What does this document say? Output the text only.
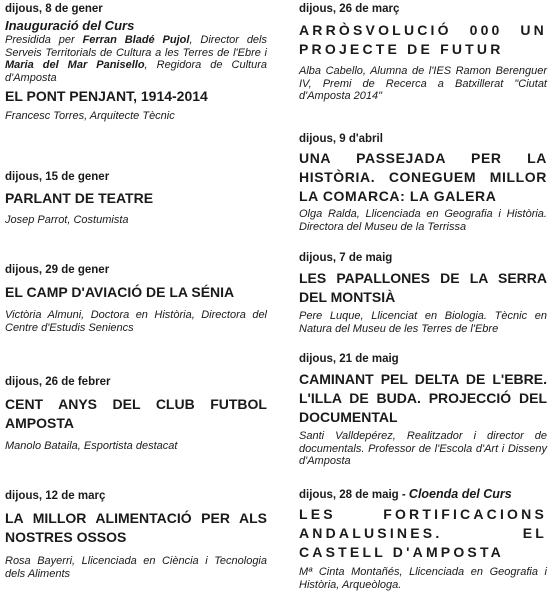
dijous, 8 de gener

Inauguració del Curs

Presidida per Ferran Bladé Pujol, Director dels Serveis Territorials de Cultura a les Terres de l'Ebre i Maria del Mar Panisello, Regidora de Cultura d'Amposta

EL PONT PENJANT, 1914-2014

Francesc Torres, Arquitecte Tècnic

dijous, 15 de gener

PARLANT DE TEATRE

Josep Parrot, Costumista

dijous, 29 de gener

EL CAMP D'AVIACIÓ DE LA SÉNIA

Victòria Almuni, Doctora en Història, Directora del Centre d'Estudis Seniencs

dijous, 26 de febrer

CENT ANYS DEL CLUB FUTBOL AMPOSTA

Manolo Bataila, Esportista destacat

dijous, 12 de març

LA MILLOR ALIMENTACIÓ PER ALS NOSTRES OSSOS

Rosa Bayerri, Llicenciada en Ciència i Tecnologia dels Aliments

dijous, 26 de març

ARRÒSVOLUCIÓ 000 UN PROJECTE DE FUTUR

Alba Cabello, Alumna de l'IES Ramon Berenguer IV, Premi de Recerca a Batxillerat "Ciutat d'Amposta 2014"

dijous, 9 d'abril

UNA PASSEJADA PER LA HISTÒRIA. CONEGUEM MILLOR LA COMARCA: LA GALERA

Olga Ralda, Llicenciada en Geografia i Història. Directora del Museu de la Terrissa

dijous, 7 de maig

LES PAPALLONES DE LA SERRA DEL MONTSIÀ

Pere Luque, Llicenciat en Biologia. Tècnic en Natura del Museu de les Terres de l'Ebre

dijous, 21 de maig

CAMINANT PEL DELTA DE L'EBRE. L'ILLA DE BUDA. PROJECCIÓ DEL DOCUMENTAL

Santi Valldepérez, Realitzador i director de documentals. Professor de l'Escola d'Art i Disseny d'Amposta

dijous, 28 de maig - Cloenda del Curs

LES FORTIFICACIONS ANDALUSINES. EL CASTELL D'AMPOSTA

Mª Cinta Montañés, Llicenciada en Geografia i Història, Arqueòloga.
